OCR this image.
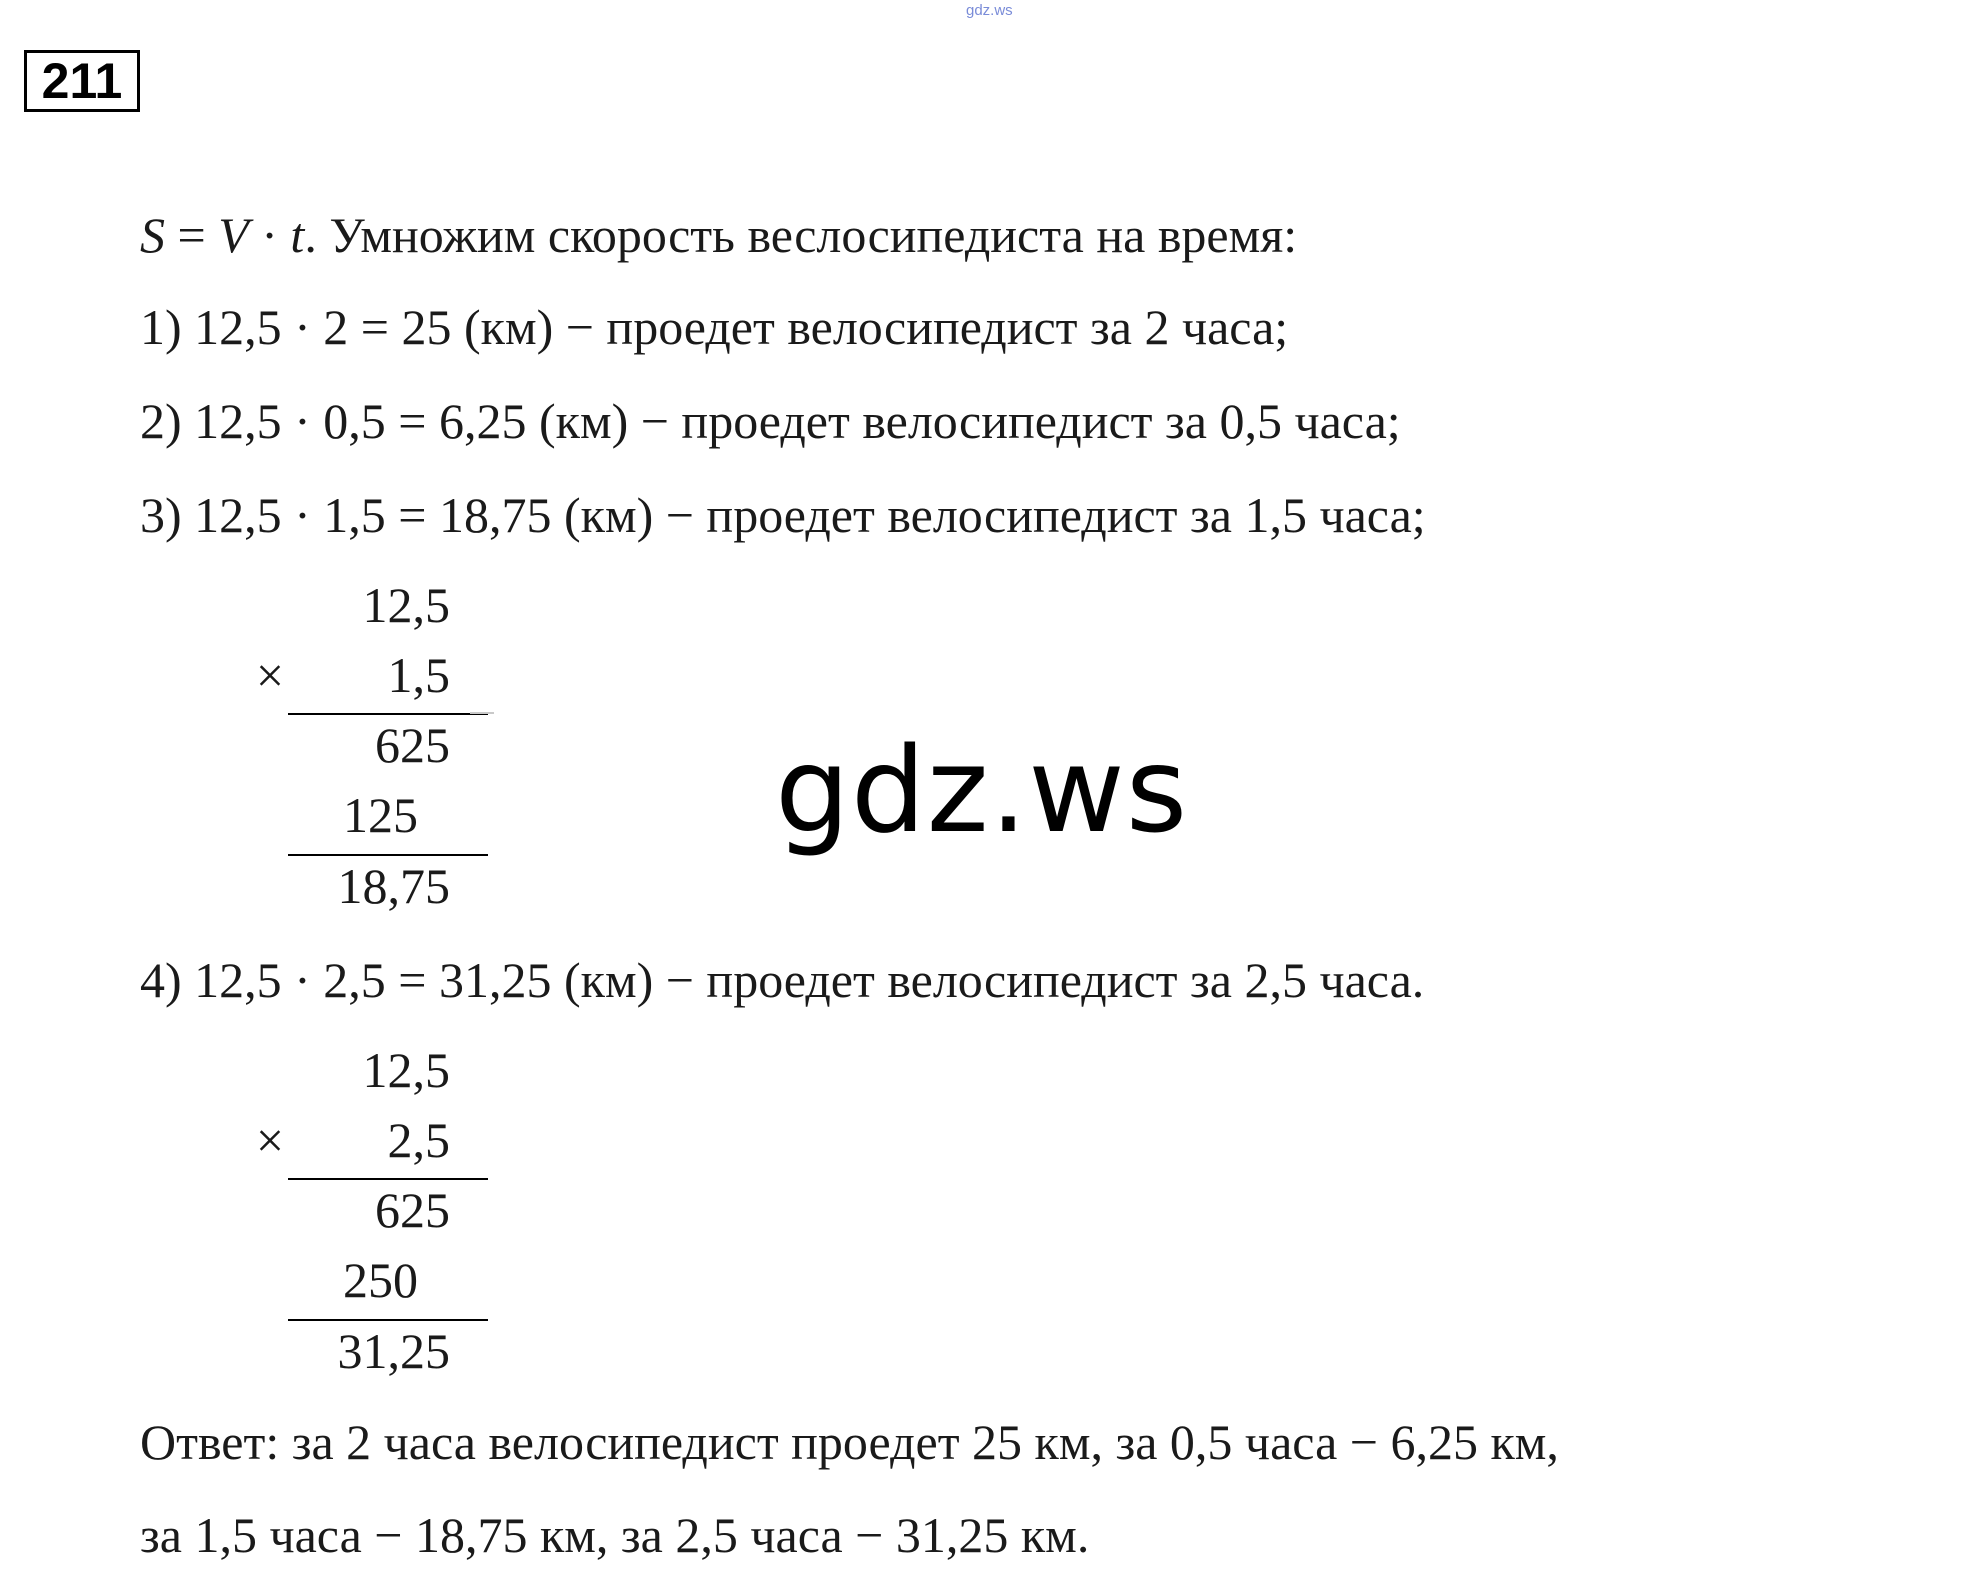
gdz.ws
211
S = V · t. Умножим скорость веслосипедиста на время:
1) 12,5 · 2 = 25 (км) − проедет велосипедист за 2 часа;
2) 12,5 · 0,5 = 6,25 (км) − проедет велосипедист за 0,5 часа;
3) 12,5 · 1,5 = 18,75 (км) − проедет велосипедист за 1,5 часа;
12,5
×	1,5
625
125
18,75
gdz.ws
4) 12,5 · 2,5 = 31,25 (км) − проедет велосипедист за 2,5 часа.
12,5
×	2,5
625
250
31,25
Ответ: за 2 часа велосипедист проедет 25 км, за 0,5 часа − 6,25 км,
за 1,5 часа − 18,75 км, за 2,5 часа − 31,25 км.
